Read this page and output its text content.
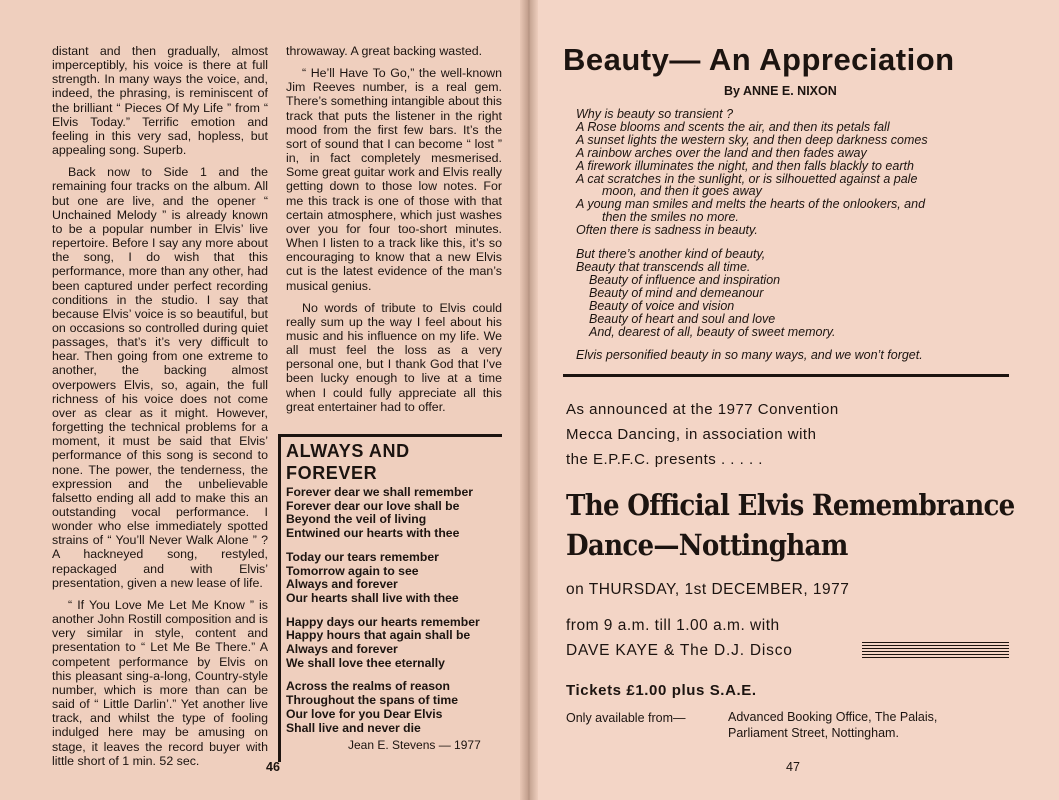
distant and then gradually, almost imperceptibly, his voice is there at full strength. In many ways the voice, and, indeed, the phrasing, is reminiscent of the brilliant “ Pieces Of My Life ” from “ Elvis Today.” Terrific emotion and feeling in this very sad, hopless, but appealing song. Superb.

Back now to Side 1 and the remaining four tracks on the album. All but one are live, and the opener “ Unchained Melody ” is already known to be a popular number in Elvis’ live repertoire. Before I say any more about the song, I do wish that this performance, more than any other, had been captured under perfect recording conditions in the studio. I say that because Elvis’ voice is so beautiful, but on occasions so controlled during quiet passages, that’s it’s very difficult to hear. Then going from one extreme to another, the backing almost overpowers Elvis, so, again, the full richness of his voice does not come over as clear as it might. However, forgetting the technical problems for a moment, it must be said that Elvis’ performance of this song is second to none. The power, the tenderness, the expression and the unbelievable falsetto ending all add to make this an outstanding vocal performance. I wonder who else immediately spotted strains of “ You’ll Never Walk Alone ” ? A hackneyed song, restyled, repackaged and with Elvis’ presentation, given a new lease of life.

“ If You Love Me Let Me Know ” is another John Rostill composition and is very similar in style, content and presentation to “ Let Me Be There.” A competent performance by Elvis on this pleasant sing-a-long, Country-style number, which is more than can be said of “ Little Darlin’.” Yet another live track, and whilst the type of fooling indulged here may be amusing on stage, it leaves the record buyer with little short of 1 min. 52 sec.

throwaway. A great backing wasted.

“ He’ll Have To Go,” the well-known Jim Reeves number, is a real gem. There’s something intangible about this track that puts the listener in the right mood from the first few bars. It’s the sort of sound that I can become “ lost ” in, in fact completely mesmerised. Some great guitar work and Elvis really getting down to those low notes. For me this track is one of those with that certain atmosphere, which just washes over you for four too-short minutes. When I listen to a track like this, it’s so encouraging to know that a new Elvis cut is the latest evidence of the man’s musical genius.

No words of tribute to Elvis could really sum up the way I feel about his music and his influence on my life. We all must feel the loss as a very personal one, but I thank God that I’ve been lucky enough to live at a time when I could fully appreciate all this great entertainer had to offer.

ALWAYS AND
FOREVER
Forever dear we shall remember
Forever dear our love shall be
Beyond the veil of living
Entwined our hearts with thee
Today our tears remember
Tomorrow again to see
Always and forever
Our hearts shall live with thee
Happy days our hearts remember
Happy hours that again shall be
Always and forever
We shall love thee eternally
Across the realms of reason
Throughout the spans of time
Our love for you Dear Elvis
Shall live and never die

Jean E. Stevens — 1977

46

Beauty— An Appreciation

By ANNE E. NIXON

Why is beauty so transient ?
A Rose blooms and scents the air, and then its petals fall
A sunset lights the western sky, and then deep darkness comes
A rainbow arches over the land and then fades away
A firework illuminates the night, and then falls blackly to earth
A cat scratches in the sunlight, or is silhouetted against a pale
moon, and then it goes away
A young man smiles and melts the hearts of the onlookers, and
then the smiles no more.
Often there is sadness in beauty.
But there’s another kind of beauty,
Beauty that transcends all time.
Beauty of influence and inspiration
Beauty of mind and demeanour
Beauty of voice and vision
Beauty of heart and soul and love
And, dearest of all, beauty of sweet memory.
Elvis personified beauty in so many ways, and we won’t forget.
As announced at the 1977 Convention
Mecca Dancing, in association with
the E.P.F.C. presents . . . . .
The Official Elvis Remembrance
Dance—Nottingham

on THURSDAY, 1st DECEMBER, 1977

from 9 a.m. till 1.00 a.m. with

DAVE KAYE & The D.J. Disco

Tickets £1.00 plus S.A.E.

Only available from—	Advanced Booking Office, The Palais,
Parliament Street, Nottingham.

47
